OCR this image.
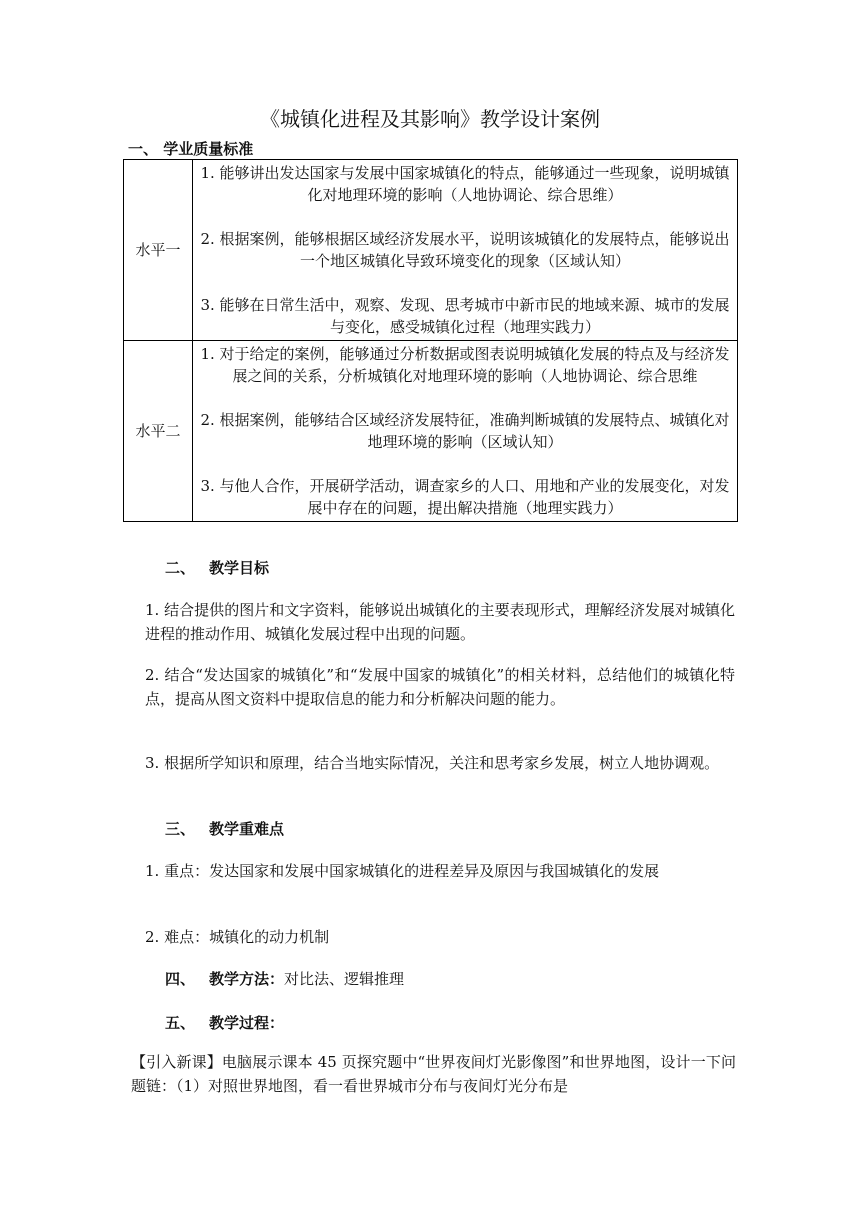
《城镇化进程及其影响》教学设计案例
一、 学业质量标准
水平一	1. 能够讲出发达国家与发展中国家城镇化的特点，能够通过一些现象，说明城镇化对地理环境的影响（人地协调论、综合思维）
2. 根据案例，能够根据区域经济发展水平，说明该城镇化的发展特点，能够说出一个地区城镇化导致环境变化的现象（区域认知）
3. 能够在日常生活中，观察、发现、思考城市中新市民的地域来源、城市的发展与变化，感受城镇化过程（地理实践力）

水平二	1. 对于给定的案例，能够通过分析数据或图表说明城镇化发展的特点及与经济发展之间的关系，分析城镇化对地理环境的影响（人地协调论、综合思维
2. 根据案例，能够结合区域经济发展特征，准确判断城镇的发展特点、城镇化对地理环境的影响（区域认知）
3. 与他人合作，开展研学活动，调查家乡的人口、用地和产业的发展变化，对发展中存在的问题，提出解决措施（地理实践力）
二、 教学目标
1. 结合提供的图片和文字资料，能够说出城镇化的主要表现形式，理解经济发展对城镇化进程的推动作用、城镇化发展过程中出现的问题。
2. 结合“发达国家的城镇化”和“发展中国家的城镇化”的相关材料，总结他们的城镇化特点，提高从图文资料中提取信息的能力和分析解决问题的能力。
3. 根据所学知识和原理，结合当地实际情况，关注和思考家乡发展，树立人地协调观。
三、 教学重难点
1. 重点：发达国家和发展中国家城镇化的进程差异及原因与我国城镇化的发展
2. 难点：城镇化的动力机制
四、 教学方法：对比法、逻辑推理
五、 教学过程：
【引入新课】电脑展示课本 45 页探究题中“世界夜间灯光影像图”和世界地图，设计一下问题链：（1）对照世界地图，看一看世界城市分布与夜间灯光分布是
